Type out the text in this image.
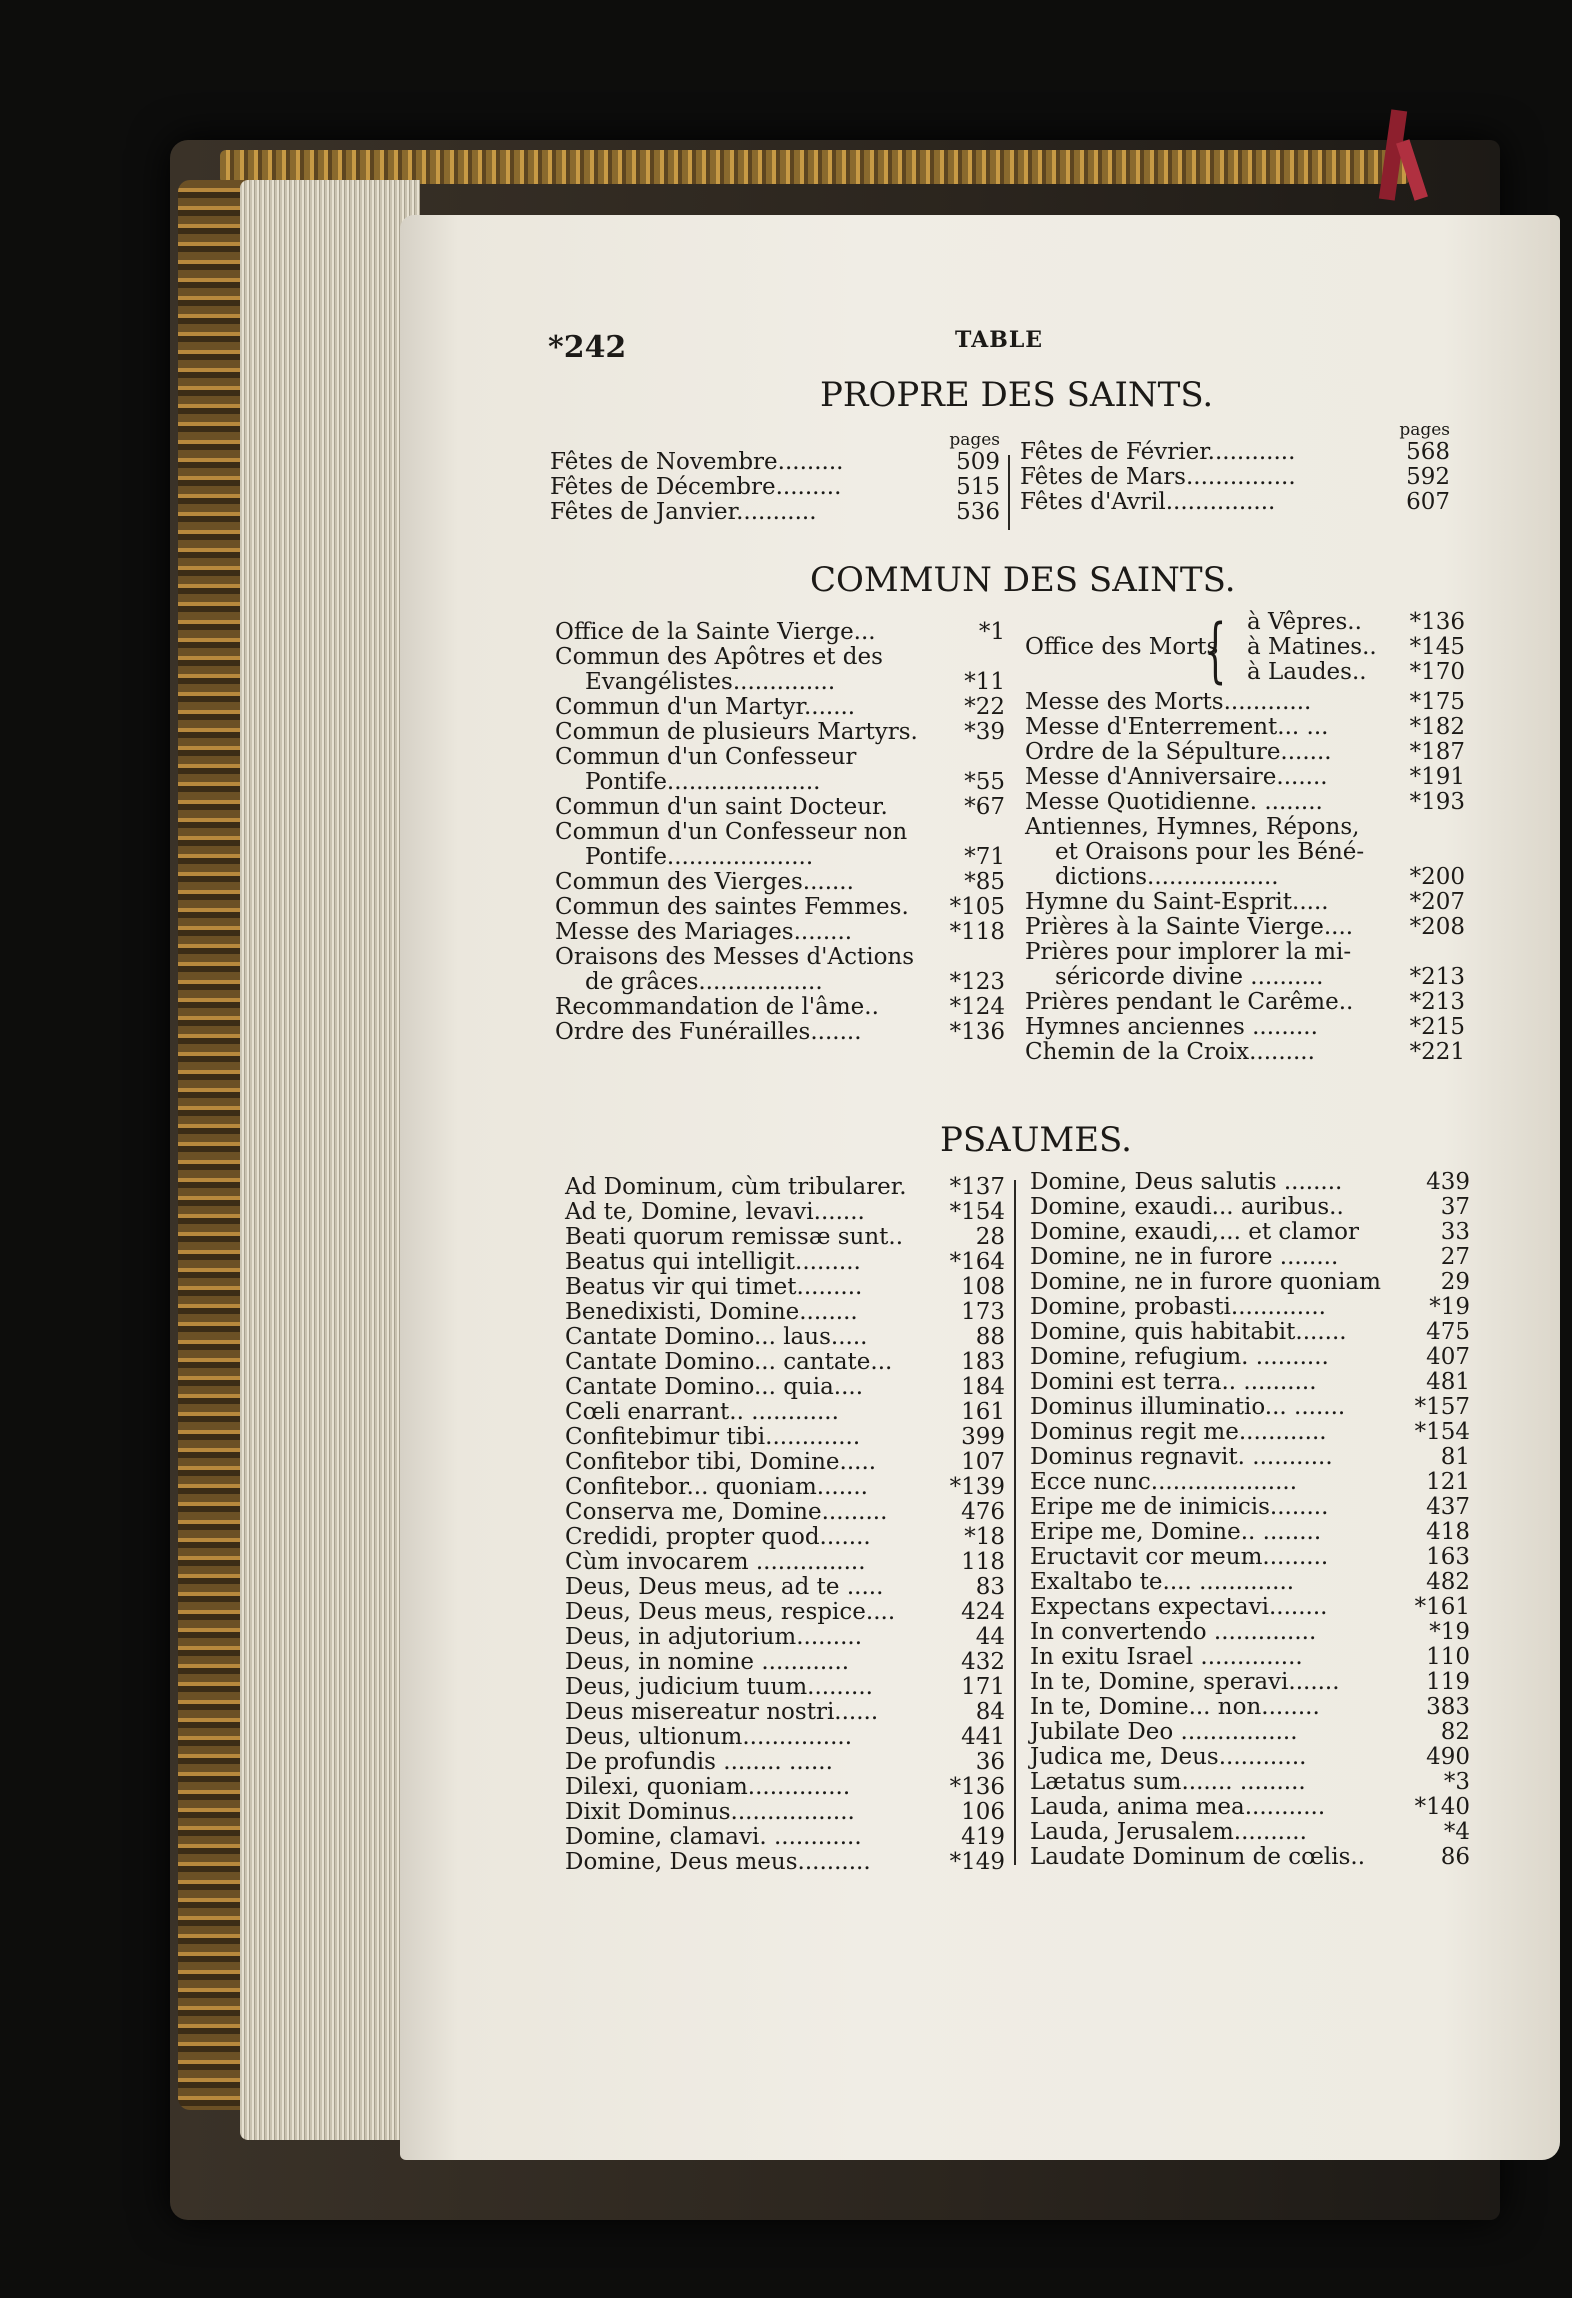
*242	TABLE
PROPRE DES SAINTS.
pages
Fêtes de Novembre.........	509
Fêtes de Décembre.........	515
Fêtes de Janvier...........	536
pages
Fêtes de Février............	568
Fêtes de Mars...............	592
Fêtes d'Avril...............	607
COMMUN DES SAINTS.
Office de la Sainte Vierge...	*1
Commun des Apôtres et des
Evangélistes..............	*11
Commun d'un Martyr.......	*22
Commun de plusieurs Martyrs. *39
Commun d'un Confesseur
Pontife.....................	*55
Commun d'un saint Docteur.	*67
Commun d'un Confesseur non
Pontife....................	*71
Commun des Vierges.......	*85
Commun des saintes Femmes. *105
Messe des Mariages........	*118
Oraisons des Messes d'Actions
de grâces.................	*123
Recommandation de l'âme..	*124
Ordre des Funérailles.......	*136
Office des Morts
{ à Vêpres.. *136
à Matines.. *145
à Laudes.. *170
Messe des Morts............	*175
Messe d'Enterrement... ...	*182
Ordre de la Sépulture.......	*187
Messe d'Anniversaire.......	*191
Messe Quotidienne. ........	*193
Antiennes, Hymnes, Répons,
et Oraisons pour les Béné-
dictions..................	*200
Hymne du Saint-Esprit.....	*207
Prières à la Sainte Vierge.... *208
Prières pour implorer la mi-
séricorde divine ..........	*213
Prières pendant le Carême.. *213
Hymnes anciennes .........	*215
Chemin de la Croix.........	*221
PSAUMES.
Ad Dominum, cùm tribularer. *137
Ad te, Domine, levavi.......	*154
Beati quorum remissæ sunt..	28
Beatus qui intelligit.........	*164
Beatus vir qui timet.........	108
Benedixisti, Domine........	173
Cantate Domino... laus.....	88
Cantate Domino... cantate...	183
Cantate Domino... quia....	184
Cœli enarrant.. ............	161
Confitebimur tibi.............	399
Confitebor tibi, Domine.....	107
Confitebor... quoniam.......	*139
Conserva me, Domine.........	476
Credidi, propter quod.......	*18
Cùm invocarem ...............	118
Deus, Deus meus, ad te .....	83
Deus, Deus meus, respice....	424
Deus, in adjutorium.........	44
Deus, in nomine ............	432
Deus, judicium tuum.........	171
Deus misereatur nostri......	84
Deus, ultionum...............	441
De profundis ........ ......	36
Dilexi, quoniam..............	*136
Dixit Dominus.................	106
Domine, clamavi. ............	419
Domine, Deus meus..........	*149
Domine, Deus salutis ........	439
Domine, exaudi... auribus..	37
Domine, exaudi,... et clamor	33
Domine, ne in furore ........	27
Domine, ne in furore quoniam	29
Domine, probasti.............	*19
Domine, quis habitabit.......	475
Domine, refugium. ..........	407
Domini est terra.. ..........	481
Dominus illuminatio... .......	*157
Dominus regit me............	*154
Dominus regnavit. ...........	81
Ecce nunc....................	121
Eripe me de inimicis........	437
Eripe me, Domine.. ........	418
Eructavit cor meum.........	163
Exaltabo te.... .............	482
Expectans expectavi........	*161
In convertendo ..............	*19
In exitu Israel ..............	110
In te, Domine, speravi.......	119
In te, Domine... non........	383
Jubilate Deo ................	82
Judica me, Deus............	490
Lætatus sum....... .........	*3
Lauda, anima mea...........	*140
Lauda, Jerusalem..........	*4
Laudate Dominum de cœlis..	86
